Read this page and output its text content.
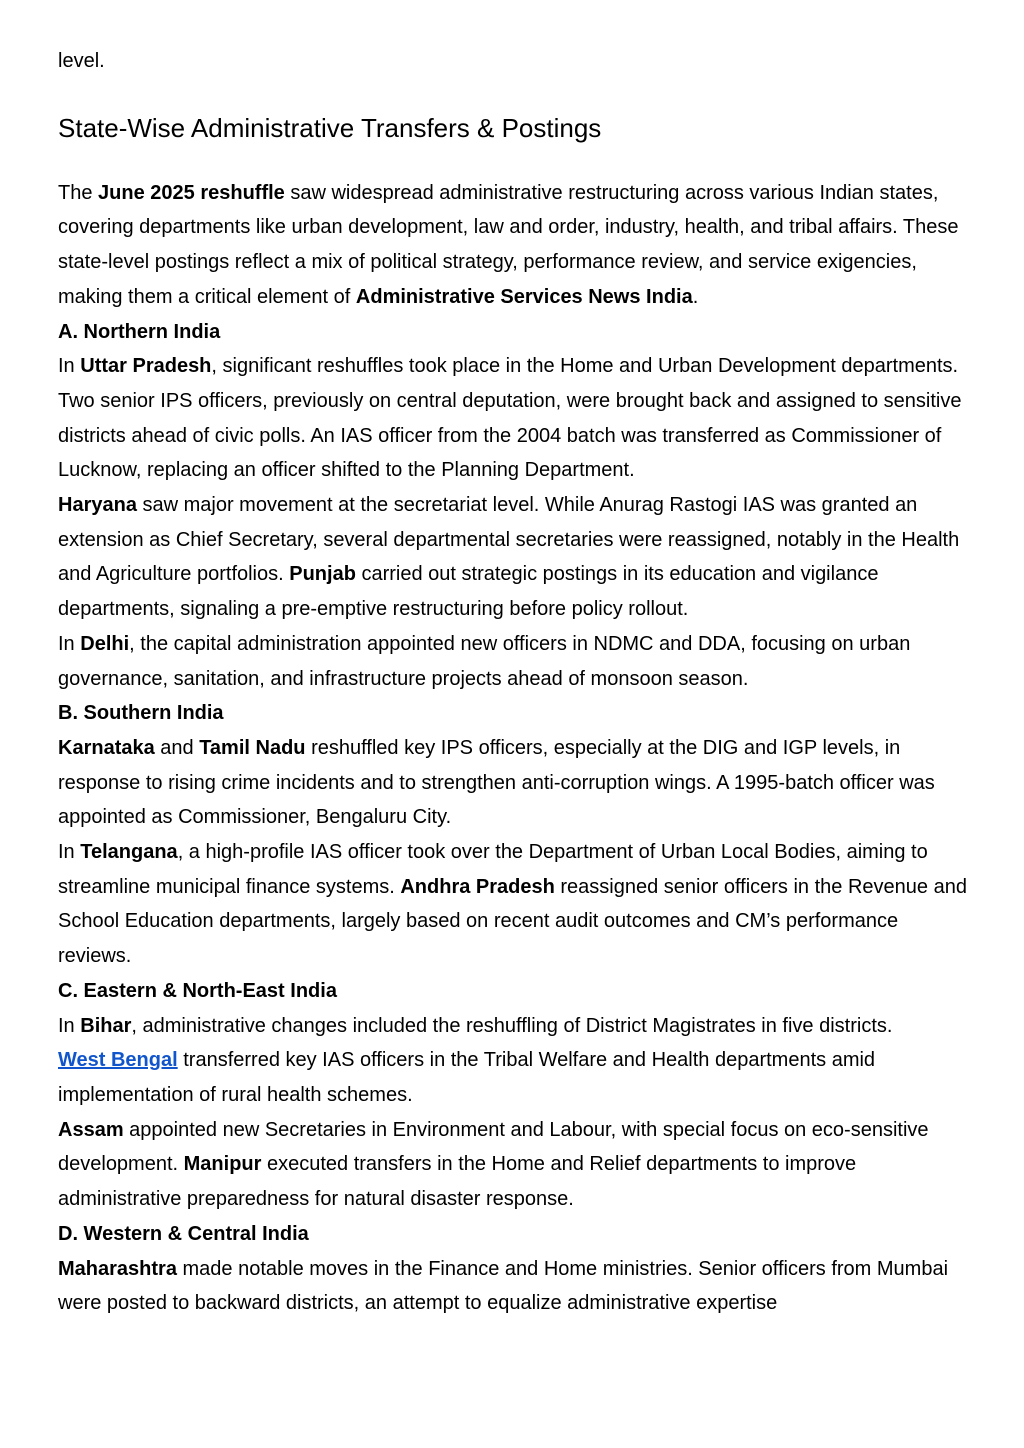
level.

State-Wise Administrative Transfers & Postings

The June 2025 reshuffle saw widespread administrative restructuring across various Indian states, covering departments like urban development, law and order, industry, health, and tribal affairs. These state-level postings reflect a mix of political strategy, performance review, and service exigencies, making them a critical element of Administrative Services News India.

A. Northern India

In Uttar Pradesh, significant reshuffles took place in the Home and Urban Development departments. Two senior IPS officers, previously on central deputation, were brought back and assigned to sensitive districts ahead of civic polls. An IAS officer from the 2004 batch was transferred as Commissioner of Lucknow, replacing an officer shifted to the Planning Department.

Haryana saw major movement at the secretariat level. While Anurag Rastogi IAS was granted an extension as Chief Secretary, several departmental secretaries were reassigned, notably in the Health and Agriculture portfolios. Punjab carried out strategic postings in its education and vigilance departments, signaling a pre-emptive restructuring before policy rollout.

In Delhi, the capital administration appointed new officers in NDMC and DDA, focusing on urban governance, sanitation, and infrastructure projects ahead of monsoon season.

B. Southern India

Karnataka and Tamil Nadu reshuffled key IPS officers, especially at the DIG and IGP levels, in response to rising crime incidents and to strengthen anti-corruption wings. A 1995-batch officer was appointed as Commissioner, Bengaluru City.

In Telangana, a high-profile IAS officer took over the Department of Urban Local Bodies, aiming to streamline municipal finance systems. Andhra Pradesh reassigned senior officers in the Revenue and School Education departments, largely based on recent audit outcomes and CM’s performance reviews.

C. Eastern & North-East India

In Bihar, administrative changes included the reshuffling of District Magistrates in five districts.

West Bengal transferred key IAS officers in the Tribal Welfare and Health departments amid implementation of rural health schemes.

Assam appointed new Secretaries in Environment and Labour, with special focus on eco-sensitive development. Manipur executed transfers in the Home and Relief departments to improve administrative preparedness for natural disaster response.

D. Western & Central India

Maharashtra made notable moves in the Finance and Home ministries. Senior officers from Mumbai were posted to backward districts, an attempt to equalize administrative expertise
